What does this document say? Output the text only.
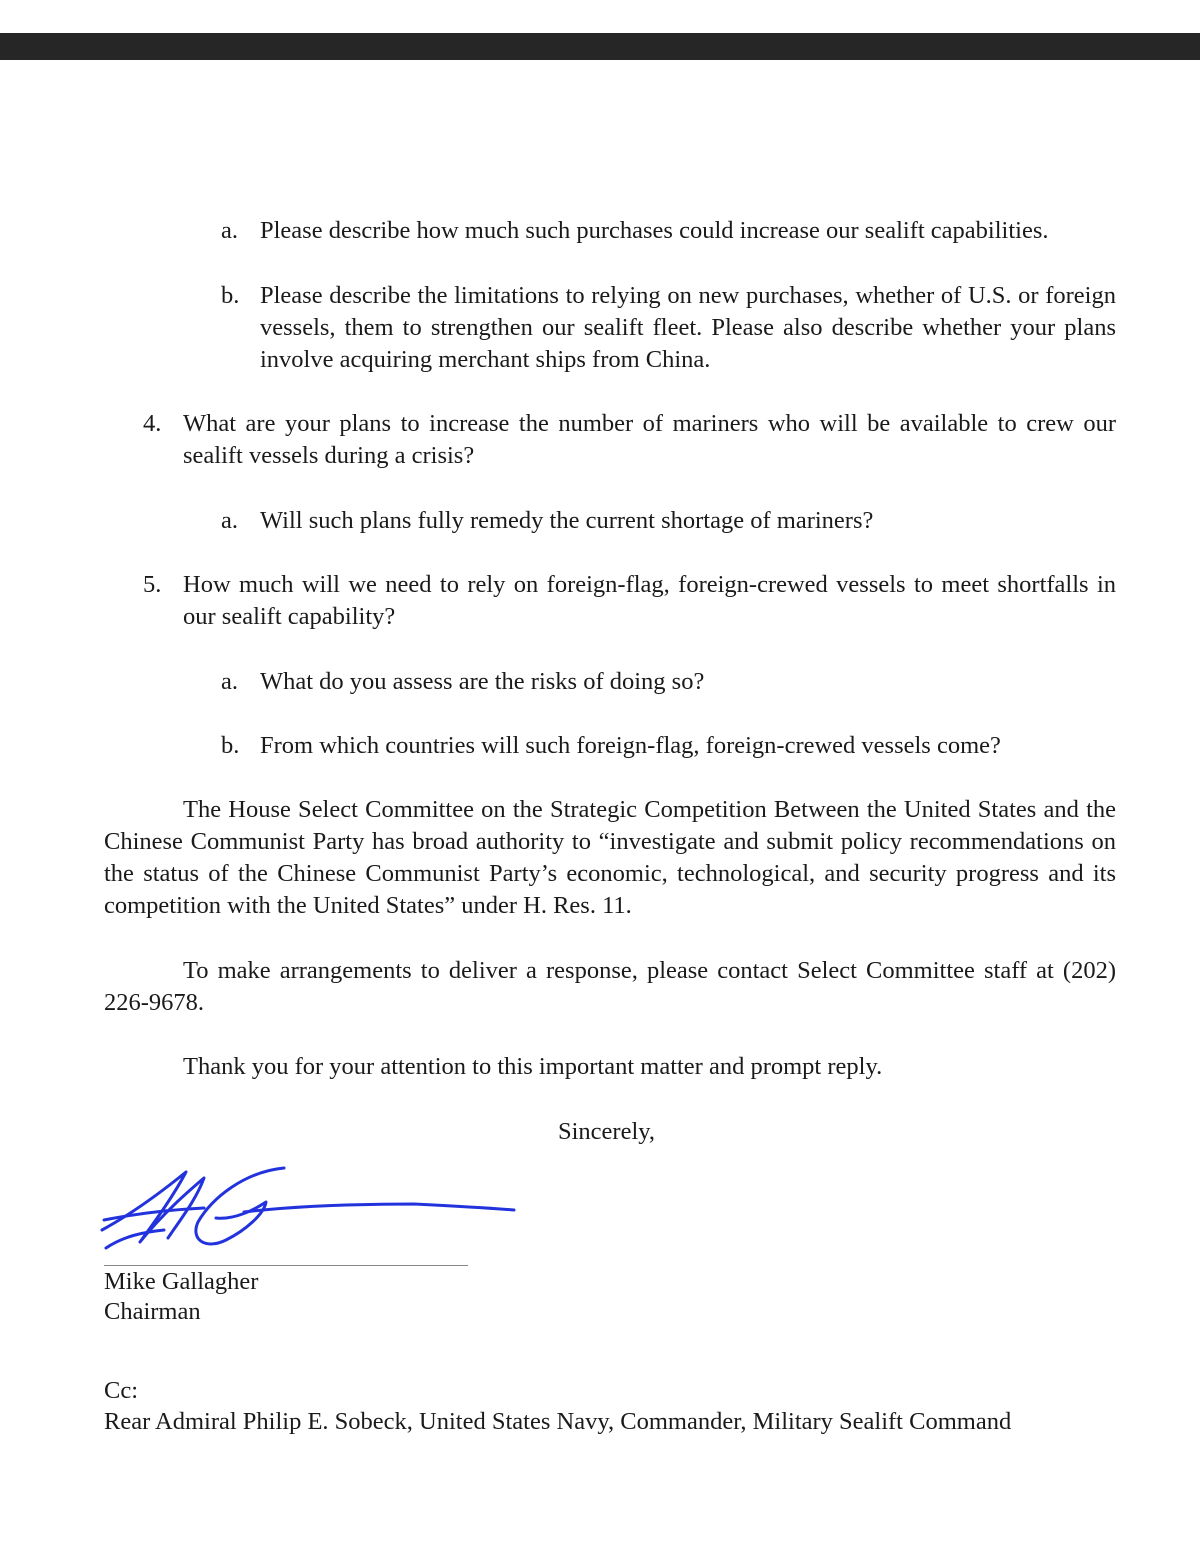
a. Please describe how much such purchases could increase our sealift capabilities.

b. Please describe the limitations to relying on new purchases, whether of U.S. or foreign vessels, them to strengthen our sealift fleet. Please also describe whether your plans involve acquiring merchant ships from China.

4. What are your plans to increase the number of mariners who will be available to crew our sealift vessels during a crisis?

a. Will such plans fully remedy the current shortage of mariners?

5. How much will we need to rely on foreign-flag, foreign-crewed vessels to meet shortfalls in our sealift capability?

a. What do you assess are the risks of doing so?

b. From which countries will such foreign-flag, foreign-crewed vessels come?

The House Select Committee on the Strategic Competition Between the United States and the Chinese Communist Party has broad authority to “investigate and submit policy recommendations on the status of the Chinese Communist Party’s economic, technological, and security progress and its competition with the United States” under H. Res. 11.

To make arrangements to deliver a response, please contact Select Committee staff at (202) 226-9678.

Thank you for your attention to this important matter and prompt reply.

Sincerely,

Mike Gallagher

Chairman

Cc:

Rear Admiral Philip E. Sobeck, United States Navy, Commander, Military Sealift Command
